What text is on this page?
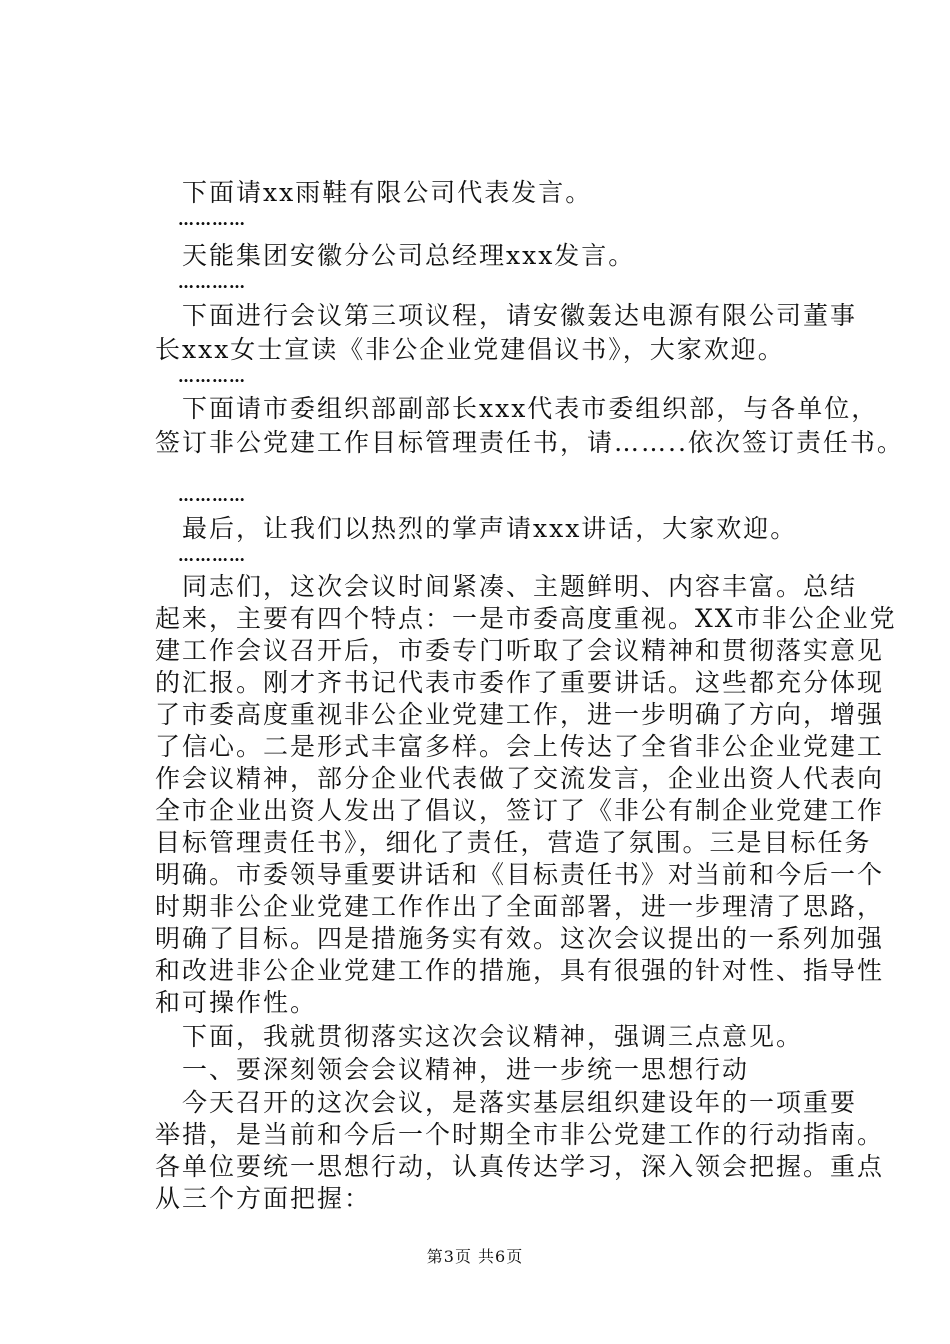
　下面请xx雨鞋有限公司代表发言。
…………
　天能集团安徽分公司总经理xxx发言。
…………
　下面进行会议第三项议程，请安徽轰达电源有限公司董事
长xxx女士宣读《非公企业党建倡议书》，大家欢迎。
…………
　下面请市委组织部副部长xxx代表市委组织部，与各单位，
签订非公党建工作目标管理责任书，请……..依次签订责任书。
…………
　最后，让我们以热烈的掌声请xxx讲话，大家欢迎。
…………
　同志们，这次会议时间紧凑、主题鲜明、内容丰富。总结
起来，主要有四个特点：一是市委高度重视。XX市非公企业党
建工作会议召开后，市委专门听取了会议精神和贯彻落实意见
的汇报。刚才齐书记代表市委作了重要讲话。这些都充分体现
了市委高度重视非公企业党建工作，进一步明确了方向，增强
了信心。二是形式丰富多样。会上传达了全省非公企业党建工
作会议精神，部分企业代表做了交流发言，企业出资人代表向
全市企业出资人发出了倡议，签订了《非公有制企业党建工作
目标管理责任书》，细化了责任，营造了氛围。三是目标任务
明确。市委领导重要讲话和《目标责任书》对当前和今后一个
时期非公企业党建工作作出了全面部署，进一步理清了思路，
明确了目标。四是措施务实有效。这次会议提出的一系列加强
和改进非公企业党建工作的措施，具有很强的针对性、指导性
和可操作性。
　下面，我就贯彻落实这次会议精神，强调三点意见。
　一、要深刻领会会议精神，进一步统一思想行动
　今天召开的这次会议，是落实基层组织建设年的一项重要
举措，是当前和今后一个时期全市非公党建工作的行动指南。
各单位要统一思想行动，认真传达学习，深入领会把握。重点
从三个方面把握：
第3页 共6页
